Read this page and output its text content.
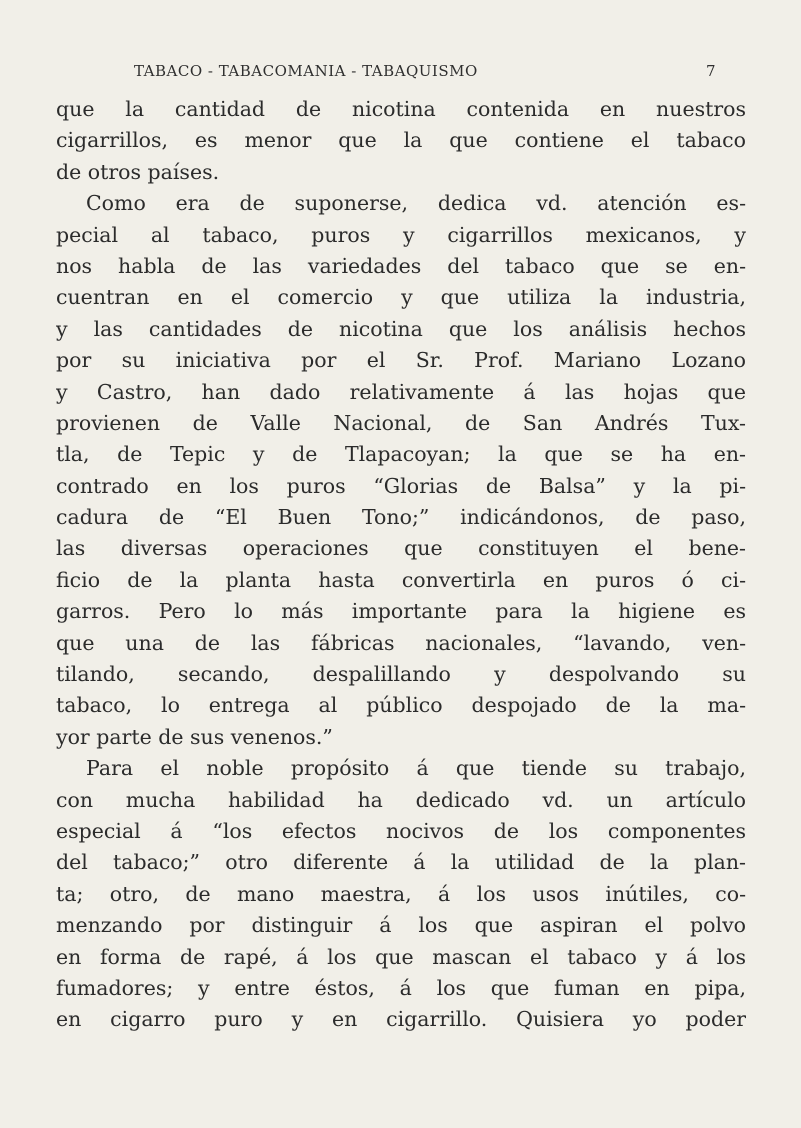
TABACO - TABACOMANIA - TABAQUISMO	7
que la cantidad de nicotina contenida en nuestros
cigarrillos, es menor que la que contiene el tabaco
de otros países.
Como era de suponerse, dedica vd. atención es-
pecial al tabaco, puros y cigarrillos mexicanos, y
nos habla de las variedades del tabaco que se en-
cuentran en el comercio y que utiliza la industria,
y las cantidades de nicotina que los análisis hechos
por su iniciativa por el Sr. Prof. Mariano Lozano
y Castro, han dado relativamente á las hojas que
provienen de Valle Nacional, de San Andrés Tux-
tla, de Tepic y de Tlapacoyan; la que se ha en-
contrado en los puros “Glorias de Balsa” y la pi-
cadura de “El Buen Tono;” indicándonos, de paso,
las diversas operaciones que constituyen el bene-
ficio de la planta hasta convertirla en puros ó ci-
garros. Pero lo más importante para la higiene es
que una de las fábricas nacionales, “lavando, ven-
tilando, secando, despalillando y despolvando su
tabaco, lo entrega al público despojado de la ma-
yor parte de sus venenos.”
Para el noble propósito á que tiende su trabajo,
con mucha habilidad ha dedicado vd. un artículo
especial á “los efectos nocivos de los componentes
del tabaco;” otro diferente á la utilidad de la plan-
ta; otro, de mano maestra, á los usos inútiles, co-
menzando por distinguir á los que aspiran el polvo
en forma de rapé, á los que mascan el tabaco y á los
fumadores; y entre éstos, á los que fuman en pipa,
en cigarro puro y en cigarrillo. Quisiera yo poder
